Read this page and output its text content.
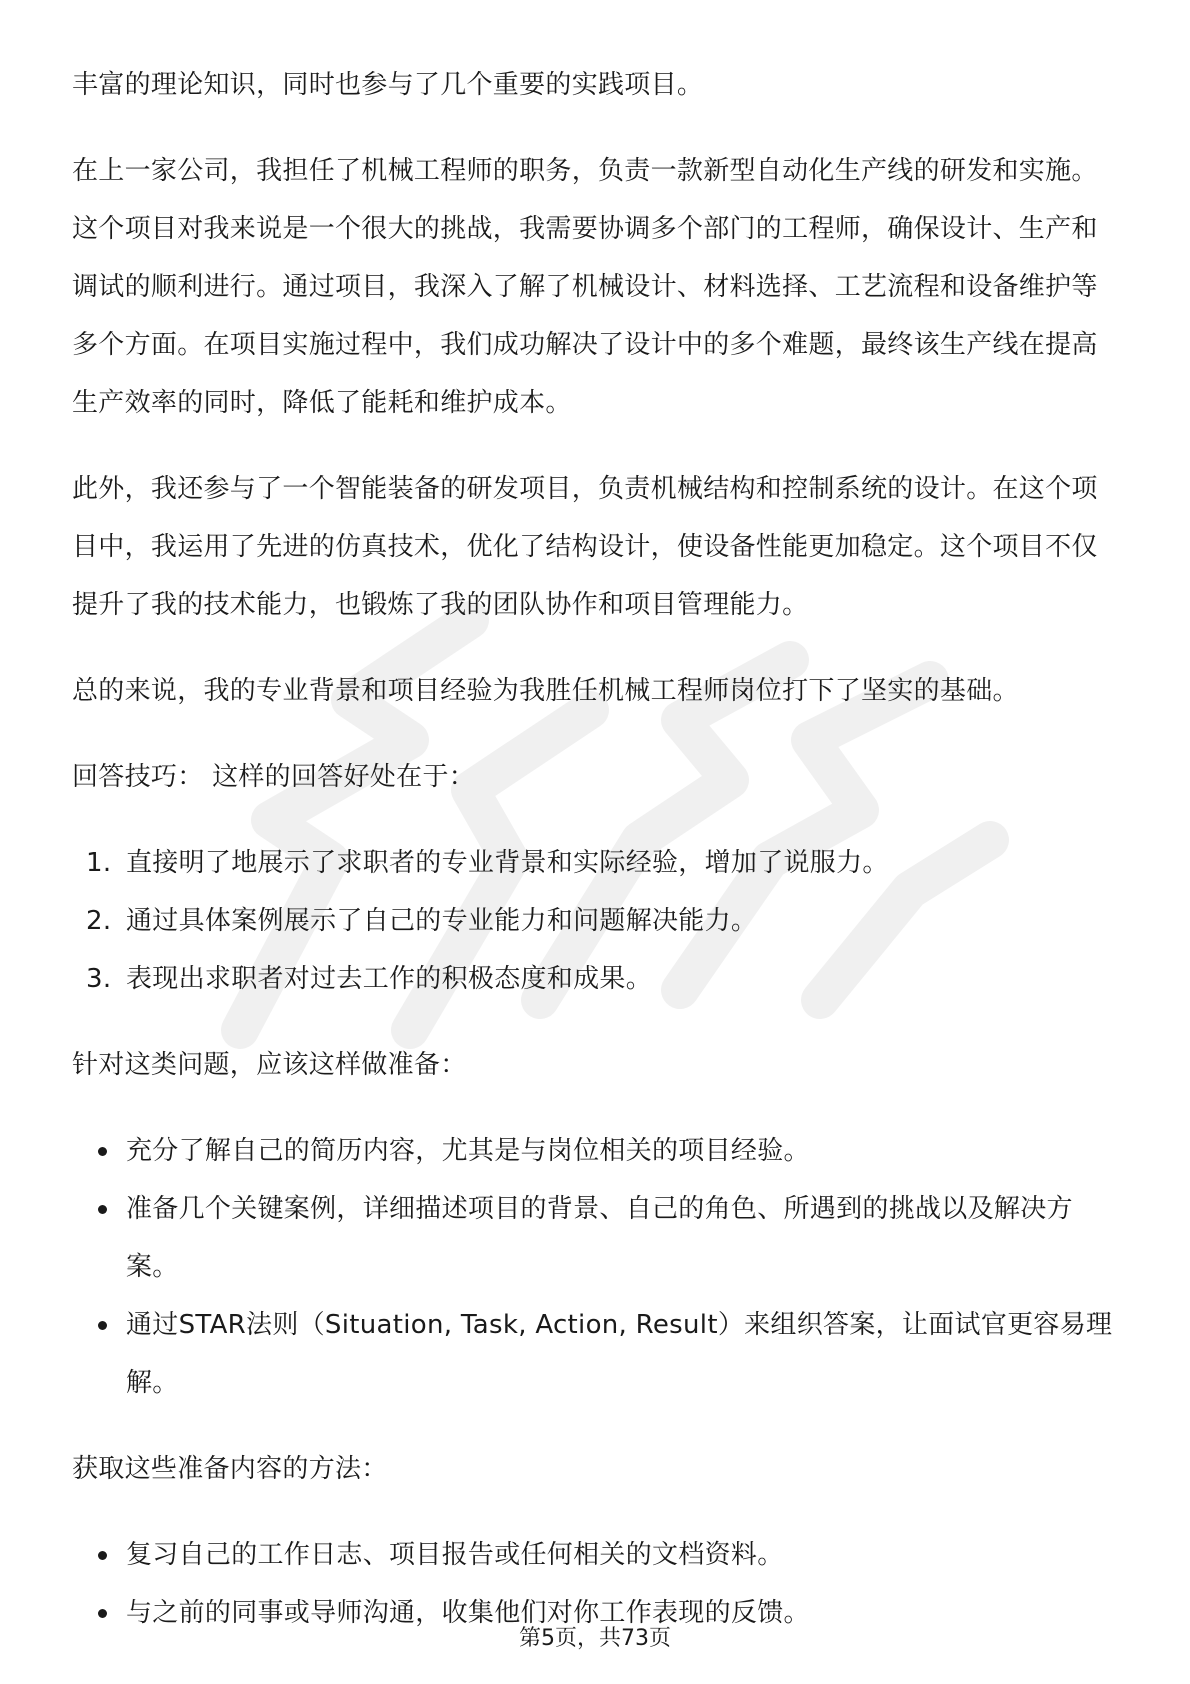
丰富的理论知识，同时也参与了几个重要的实践项目。

在上一家公司，我担任了机械工程师的职务，负责一款新型自动化生产线的研发和实施。这个项目对我来说是一个很大的挑战，我需要协调多个部门的工程师，确保设计、生产和调试的顺利进行。通过项目，我深入了解了机械设计、材料选择、工艺流程和设备维护等多个方面。在项目实施过程中，我们成功解决了设计中的多个难题，最终该生产线在提高生产效率的同时，降低了能耗和维护成本。

此外，我还参与了一个智能装备的研发项目，负责机械结构和控制系统的设计。在这个项目中，我运用了先进的仿真技术，优化了结构设计，使设备性能更加稳定。这个项目不仅提升了我的技术能力，也锻炼了我的团队协作和项目管理能力。

总的来说，我的专业背景和项目经验为我胜任机械工程师岗位打下了坚实的基础。

回答技巧： 这样的回答好处在于：

1. 直接明了地展示了求职者的专业背景和实际经验，增加了说服力。
2. 通过具体案例展示了自己的专业能力和问题解决能力。
3. 表现出求职者对过去工作的积极态度和成果。

针对这类问题，应该这样做准备：

充分了解自己的简历内容，尤其是与岗位相关的项目经验。
准备几个关键案例，详细描述项目的背景、自己的角色、所遇到的挑战以及解决方案。
通过STAR法则（Situation, Task, Action, Result）来组织答案，让面试官更容易理解。

获取这些准备内容的方法：

复习自己的工作日志、项目报告或任何相关的文档资料。
与之前的同事或导师沟通，收集他们对你工作表现的反馈。
第5页，共73页
